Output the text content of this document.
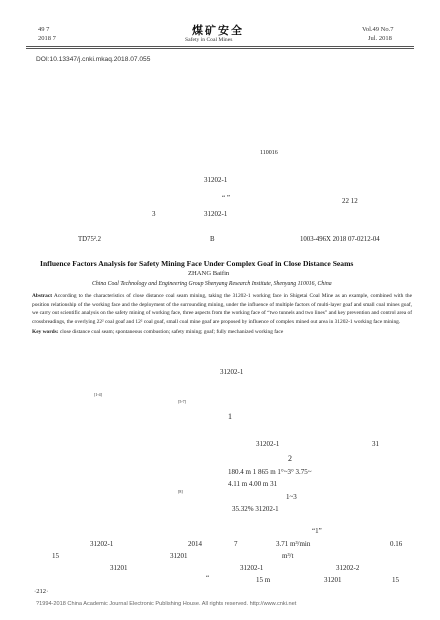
49 7
2018 7
煤矿安全
Safety in Coal Mines
Vol.49 No.7
Jul. 2018
DOI:10.13347/j.cnki.mkaq.2018.07.055
110016
31202-1
“ ”	22 12
3	31202-1
TD75².2	B	1003-496X 2018 07-0212-04
Influence Factors Analysis for Safety Mining Face Under Complex Goaf in Close Distance Seams
ZHANG Baifin
China Coal Technology and Engineering Group Shenyang Research Institute, Shenyang 110016, China
Abstract According to the characteristics of close distance coal seam mining, taking the 31202-1 working face in Shigetai Coal Mine as an example, combined with the position relationship of the working face and the deployment of the surrounding mining, under the influence of multiple factors of multi-layer goaf and small coal mines goaf, we carry out scientific analysis on the safety mining of working face, three aspects from the working face of “two tunnels and two lines” and key prevention and control area of crossbreadings, the overlying 22² coal goaf and 12² coal goaf, small coal mine goaf are proposed by influence of complex mined out area in 31202-1 working face mining.
Key words: close distance coal seam; spontaneous combustion; safety mining; goaf; fully mechanized working face
31202-1
[1-4]
[5-7]
1
31202-1	31
2
180.4 m 1 865 m 1°~3° 3.75~
4.11 m 4.00 m 31
[8]
1~3
35.32% 31202-1
“1”
31202-1	2014	7	3.71 m³/min	0.16
15	31201	m³/t
31201	31202-1	31202-2
“	15 m	31201	15
·212·
?1994-2018 China Academic Journal Electronic Publishing House. All rights reserved. http://www.cnki.net
